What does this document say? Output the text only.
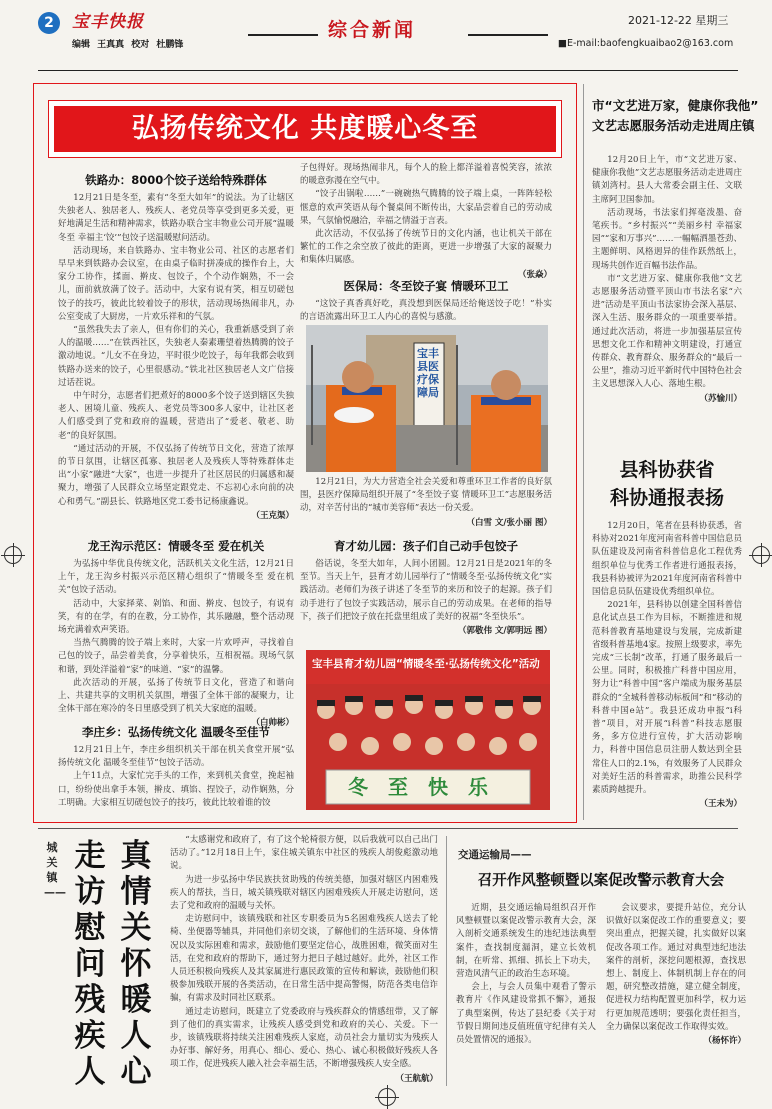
2	宝丰快报
编辑 王真真 校对 杜鹏锋
综合新闻	2021-12-22 星期三
■E-mail:baofengkuaibao2@163.com
弘扬传统文化 共度暖心冬至
铁路办：8000个饺子送给特殊群体

12月21日是冬至，素有“冬至大如年”的说法。为了让辖区失独老人、独居老人、残疾人、老党员等享受到更多关爱，更好地满足生活和精神需求，铁路办联合宝丰物业公司开展“温暖冬至 幸福主‘饺’”包饺子送温暖慰问活动。

活动现场，来自铁路办、宝丰物业公司、社区的志愿者们早早来到铁路办会议室，在由桌子临时拼凑成的操作台上，大家分工协作，揉面、擀皮、包饺子，个个动作娴熟，不一会儿，面前就放满了饺子。活动中，大家有说有笑，相互切磋包饺子的技巧，彼此比较着饺子的形状，活动现场热闹非凡，办公室变成了大厨房，一片欢乐祥和的气氛。

“虽然我失去了亲人，但有你们的关心，我重新感受到了亲人的温暖……”在铁西社区，失独老人秦素珊望着热腾腾的饺子激动地说。“儿女不在身边，平时很少吃饺子，每年我都会收到铁路办送来的饺子，心里很感动。”铁北社区独居老人文广信接过话茬说。

中午时分，志愿者们把煮好的8000多个饺子送到辖区失独老人、困境儿童、残疾人、老党员等300多人家中，让社区老人们感受到了党和政府的温暖，营造出了“爱老、敬老、助老”的良好氛围。

“通过活动的开展，不仅弘扬了传统节日文化，营造了浓厚的节日氛围，让辖区孤寡、独居老人及残疾人等特殊群体走出“小家”融进“大家”，也进一步提升了社区居民的归属感和凝聚力，增强了人民群众立场坚定跟党走、不忘初心永向前的决心和勇气。”副县长、铁路地区党工委书记杨康鑫说。

（王克渠）
龙王沟示范区：情暖冬至 爱在机关

为弘扬中华优良传统文化，活跃机关文化生活，12月21日上午，龙王沟乡村振兴示范区精心组织了“情暖冬至 爱在机关”包饺子活动。

活动中，大家择菜、剁馅、和面、擀皮、包饺子，有说有笑，有的在学，有的在教，分工协作，其乐融融，整个活动现场充满着欢声笑语。

当热气腾腾的饺子端上来时，大家一片欢呼声，寻找着自己包的饺子，品尝着美食，分享着快乐，互相祝福。现场气氛和谐，到处洋溢着“家”的味道、“家”的温馨。

此次活动的开展，弘扬了传统节日文化，营造了和谐向上、共建共享的文明机关氛围，增强了全体干部的凝聚力，让全体干部在寒冷的冬日里感受到了机关大家庭的温暖。

（白帅彬）
李庄乡：弘扬传统文化 温暖冬至佳节

12月21日上午，李庄乡组织机关干部在机关食堂开展“弘扬传统文化 温暖冬至佳节”包饺子活动。

上午11点，大家忙完手头的工作，来到机关食堂，挽起袖口，纷纷使出拿手本领，擀皮、填馅、捏饺子，动作娴熟，分工明确。大家相互切磋包饺子的技巧，彼此比较着谁的饺

子包得好。现场热闹非凡，每个人的脸上都洋溢着喜悦笑容，浓浓的暖意弥漫在空气中。

“饺子出锅啦……”一碗碗热气腾腾的饺子端上桌，一阵阵轻松惬意的欢声笑语从每个餐桌间不断传出，大家品尝着自己的劳动成果，气氛愉悦融洽，幸福之情溢于言表。

此次活动，不仅弘扬了传统节日的文化内涵，也让机关干部在繁忙的工作之余空放了彼此的距离，更进一步增强了大家的凝聚力和集体归属感。

（张焱）
医保局：冬至饺子宴 情暖环卫工

“这饺子真香真好吃，真没想到医保局还给俺送饺子吃！”朴实的言语流露出环卫工人内心的喜悦与感激。

宝丰县医疗保障局

12月21日，为大力营造全社会关爱和尊重环卫工作者的良好氛围，县医疗保障局组织开展了“冬至饺子宴 情暖环卫工”志愿服务活动，对辛苦付出的“城市美容师”表达一份关爱。

（白雪 文/张小丽 图）
育才幼儿园：孩子们自己动手包饺子

俗话说，冬至大如年，人间小团圆。12月21日是2021年的冬至节。当天上午，县育才幼儿园举行了“情暖冬至·弘扬传统文化”实践活动。老师们为孩子讲述了冬至节的来历和饺子的起源。孩子们动手进行了包饺子实践活动，展示自己的劳动成果。在老师的指导下，孩子们把饺子放在托盘里组成了美好的祝福“冬至快乐”。

（郭敬伟 文/郭明远 图）
宝丰县育才幼儿园“情暖冬至·弘扬传统文化”活动
冬至快乐
市“文艺进万家，健康你我他”
文艺志愿服务活动走进周庄镇

12月20日上午，市“文艺进万家、健康你我他”文艺志愿服务活动走进周庄镇刘湾村。县人大常委会副主任、文联主席阿卫国参加。

活动现场，书法家们挥毫泼墨、奋笔疾书。“乡村振兴”“美丽乡村 幸福家园”“家和万事兴”……一幅幅洒墨苍劲、主题鲜明、风格迥异的佳作跃然纸上，现场共创作近百幅书法作品。

市“文艺进万家、健康你我他”文艺志愿服务活动暨平顶山市书法名家“六进”活动是平顶山书法家协会深入基层、深入生活、服务群众的一项重要举措。通过此次活动，将进一步加强基层宣传思想文化工作和精神文明建设，打通宣传群众、教育群众、服务群众的“最后一公里”，推动习近平新时代中国特色社会主义思想深入人心、落地生根。

（苏愉川）
县科协获省
科协通报表扬

12月20日，笔者在县科协获悉，省科协对2021年度河南省科普中国信息员队伍建设及河南省科普信息化工程优秀组织单位与优秀工作者进行通报表扬，我县科协被评为2021年度河南省科普中国信息员队伍建设优秀组织单位。

2021年，县科协以创建全国科普信息化试点县工作为目标，不断推进和规范科普教育基地建设与发展，完成新建省级科普基地4家。按照上级要求，率先完成“三长制”改革，打通了服务最后一公里。同时，积极推广科普中国应用，努力让“科普中国”客户端成为服务基层群众的“全城科普移动标板间”和“移动的科普中国e站”。我县还成功申报“i科普”项目，对开展“i科普”科技志愿服务，多方位进行宣传，扩大活动影响力，科普中国信息员注册人数达到全县常住人口的2.1%，有效服务了人民群众对美好生活的科普需求，助推公民科学素质跨越提升。

（王未为）
城关镇——
真情关怀暖人心
走访慰问残疾人

“太感谢党和政府了，有了这个轮椅很方便，以后我就可以自己出门活动了。”12月18日上午，家住城关镇东中社区的残疾人胡俊彪激动地说。

为进一步弘扬中华民族扶贫助残的传统美德，加强对辖区内困难残疾人的帮扶，当日，城关镇残联对辖区内困难残疾人开展走访慰问，送去了党和政府的温暖与关怀。

走访慰问中，该镇残联和社区专职委员为5名困难残疾人送去了轮椅、坐便器等辅具，并同他们亲切交谈，了解他们的生活环境、身体情况以及实际困难和需求，鼓励他们要坚定信心，战胜困难，微笑面对生活，在党和政府的帮助下，通过努力把日子越过越好。此外，社区工作人员还积极向残疾人及其家属进行惠民政策的宣传和解读，鼓励他们积极参加残联开展的各类活动，在日常生活中提高警惕，防范各类电信诈骗，有需求及时同社区联系。

通过走访慰问，既建立了党委政府与残疾群众的情感纽带，又了解到了他们的真实需求，让残疾人感受到党和政府的关心、关爱。下一步，该镇残联将持续关注困难残疾人家庭，动员社会力量切实为残疾人办好事、解好务，用真心、细心、爱心、热心、诚心积极做好残疾人各项工作，促进残疾人融入社会幸福生活，不断增强残疾人安全感。

（王航航）
交通运输局——
召开作风整顿暨以案促改警示教育大会

近期，县交通运输局组织召开作风整顿暨以案促改警示教育大会，深入剖析交通系统发生的违纪违法典型案件，查找制度漏洞，建立长效机制，在听常、抓细、抓长上下功夫，营造风清气正的政治生态环境。

会上，与会人员集中观看了警示教育片《作风建设常抓不懈》，通报了典型案例，传达了县纪委《关于对节假日期间违反值班值守纪律有关人员处置情况的通报》。

会议要求，要提升站位，充分认识做好以案促改工作的重要意义；要突出重点，把握关键，扎实做好以案促改各项工作。通过对典型违纪违法案件的剖析，深挖问题根源，查找思想上、制度上、体制机制上存在的问题，研究整改措施，建立健全制度，促进权力结构配置更加科学，权力运行更加规范透明；要强化责任担当，全力确保以案促改工作取得实效。

（杨怀许）
